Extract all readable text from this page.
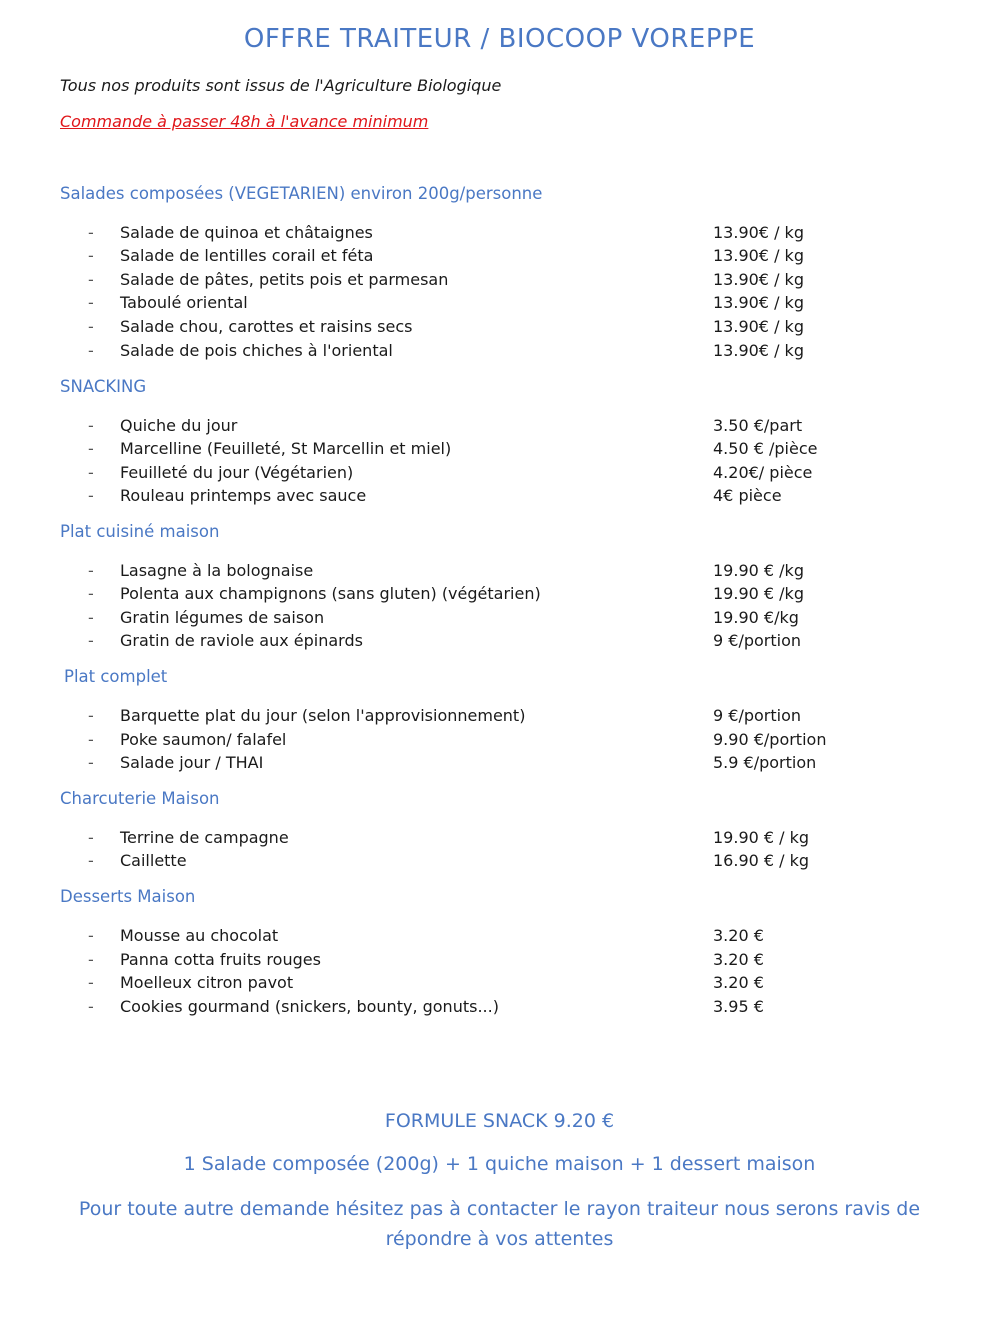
OFFRE TRAITEUR / BIOCOOP VOREPPE
Tous nos produits sont issus de l'Agriculture Biologique
Commande à passer 48h à l'avance minimum
Salades composées (VEGETARIEN) environ 200g/personne
- Salade de quinoa et châtaignes	13.90€ / kg
- Salade de lentilles corail et féta	13.90€ / kg
- Salade de pâtes, petits pois et parmesan	13.90€ / kg
- Taboulé oriental	13.90€ / kg
- Salade chou, carottes et raisins secs	13.90€ / kg
- Salade de pois chiches à l'oriental	13.90€ / kg
SNACKING
- Quiche du jour	3.50 €/part
- Marcelline (Feuilleté, St Marcellin et miel)	4.50 € /pièce
- Feuilleté du jour (Végétarien)	4.20€/ pièce
- Rouleau printemps avec sauce	4€ pièce
Plat cuisiné maison
- Lasagne à la bolognaise	19.90 € /kg
- Polenta aux champignons (sans gluten) (végétarien)	19.90 € /kg
- Gratin légumes de saison	19.90 €/kg
- Gratin de raviole aux épinards	9 €/portion
Plat complet
- Barquette plat du jour (selon l'approvisionnement)	9 €/portion
- Poke saumon/ falafel	9.90 €/portion
- Salade jour / THAI	5.9 €/portion
Charcuterie Maison
- Terrine de campagne	19.90 € / kg
- Caillette	16.90 € / kg
Desserts Maison
- Mousse au chocolat	3.20 €
- Panna cotta fruits rouges	3.20 €
- Moelleux citron pavot	3.20 €
- Cookies gourmand (snickers, bounty, gonuts...)	3.95 €
FORMULE SNACK 9.20 €
1 Salade composée (200g) + 1 quiche maison + 1 dessert maison
Pour toute autre demande hésitez pas à contacter le rayon traiteur nous serons ravis de répondre à vos attentes
